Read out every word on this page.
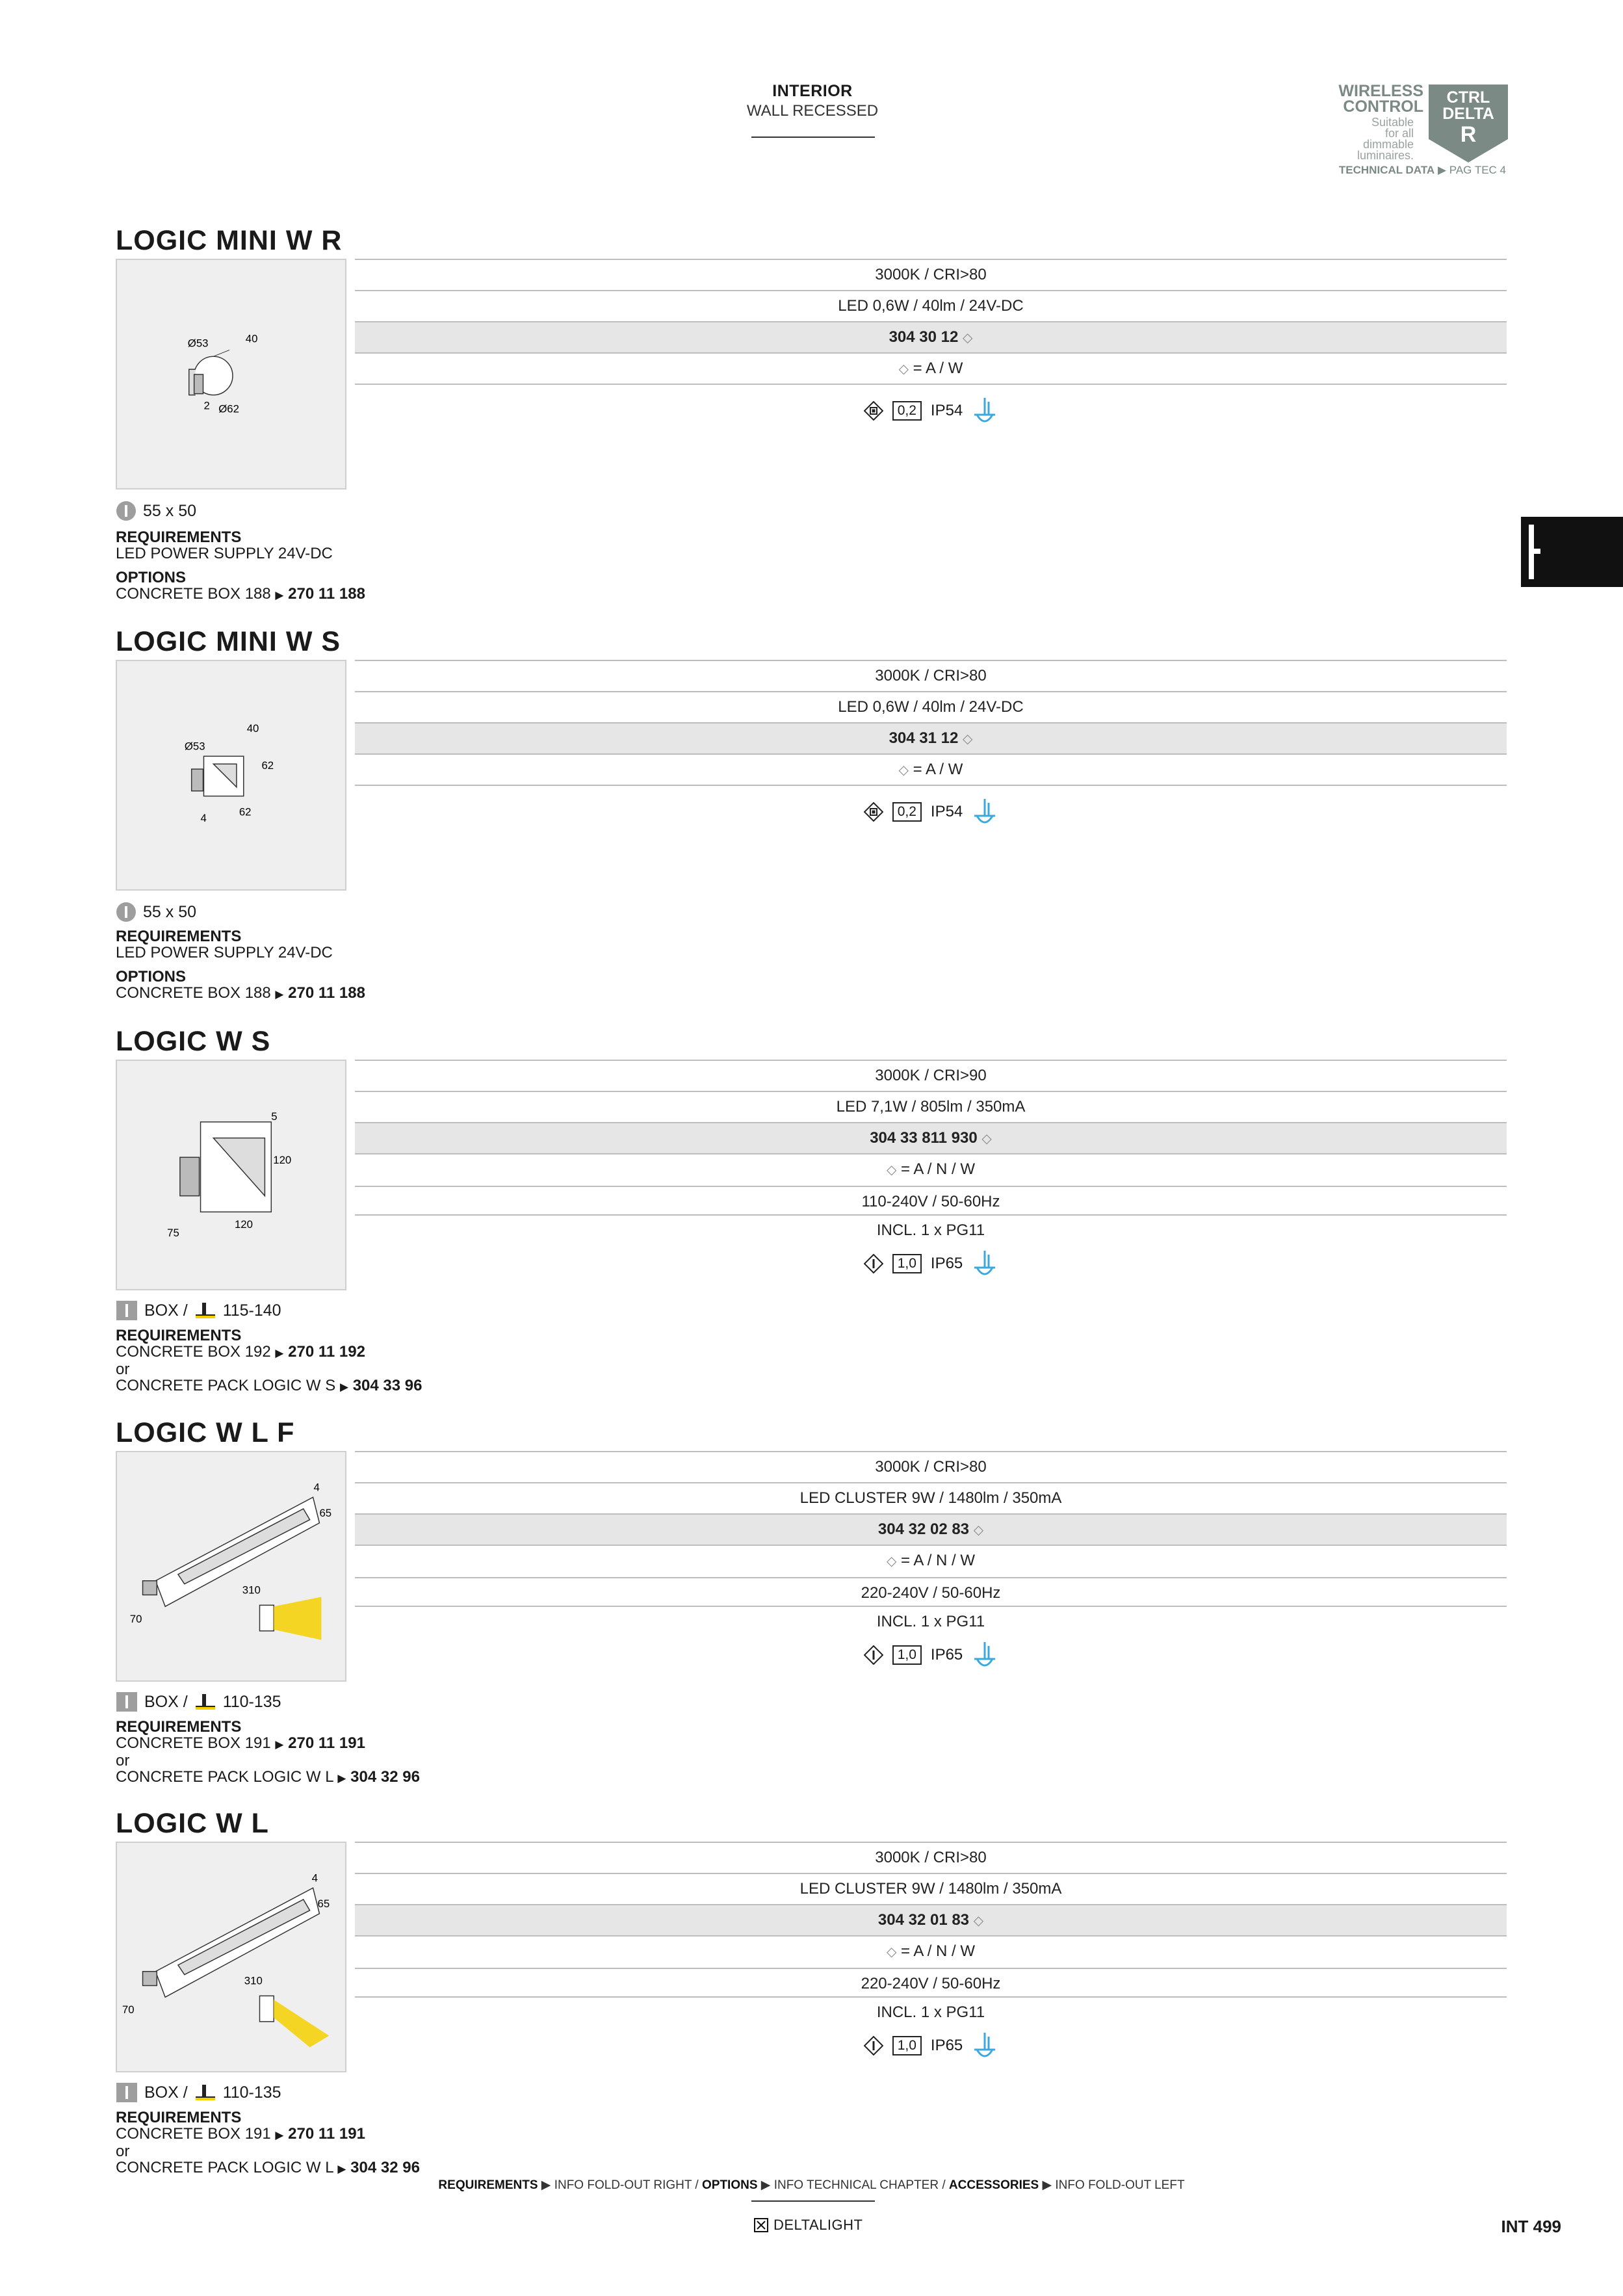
INTERIOR
WALL RECESSED
WIRELESS
CONTROL
Suitable
for all
dimmable
luminaires.
CTRL
DELTA
R
TECHNICAL DATA ▶ PAG TEC 4
LOGIC MINI W R
Ø53	40
2 Ø62
3000K / CRI>80
LED 0,6W / 40lm / 24V-DC
304 30 12 ◇
◇ = A / W
0,2 IP54
55 x 50
REQUIREMENTS
LED POWER SUPPLY 24V-DC
OPTIONS
CONCRETE BOX 188 ▶ 270 11 188
LOGIC MINI W S
Ø53
40
62
4
62
3000K / CRI>80
LED 0,6W / 40lm / 24V-DC
304 31 12 ◇
◇ = A / W
0,2 IP54
55 x 50
REQUIREMENTS
LED POWER SUPPLY 24V-DC
OPTIONS
CONCRETE BOX 188 ▶ 270 11 188
LOGIC W S
5
120
75
120
3000K / CRI>90
LED 7,1W / 805lm / 350mA
304 33 811 930 ◇
◇ = A / N / W
110-240V / 50-60Hz
INCL. 1 x PG11
1,0 IP65
BOX / 115-140
REQUIREMENTS
CONCRETE BOX 192 ▶ 270 11 192
or
CONCRETE PACK LOGIC W S ▶ 304 33 96
LOGIC W L F
4
65
310
70
3000K / CRI>80
LED CLUSTER 9W / 1480lm / 350mA
304 32 02 83 ◇
◇ = A / N / W
220-240V / 50-60Hz
INCL. 1 x PG11
1,0 IP65
BOX / 110-135
REQUIREMENTS
CONCRETE BOX 191 ▶ 270 11 191
or
CONCRETE PACK LOGIC W L ▶ 304 32 96
LOGIC W L
4
65
310
70
3000K / CRI>80
LED CLUSTER 9W / 1480lm / 350mA
304 32 01 83 ◇
◇ = A / N / W
220-240V / 50-60Hz
INCL. 1 x PG11
1,0 IP65
BOX / 110-135
REQUIREMENTS
CONCRETE BOX 191 ▶ 270 11 191
or
CONCRETE PACK LOGIC W L ▶ 304 32 96
REQUIREMENTS ▶ INFO FOLD-OUT RIGHT / OPTIONS ▶ INFO TECHNICAL CHAPTER / ACCESSORIES ▶ INFO FOLD-OUT LEFT
DELTALIGHT	INT 499
